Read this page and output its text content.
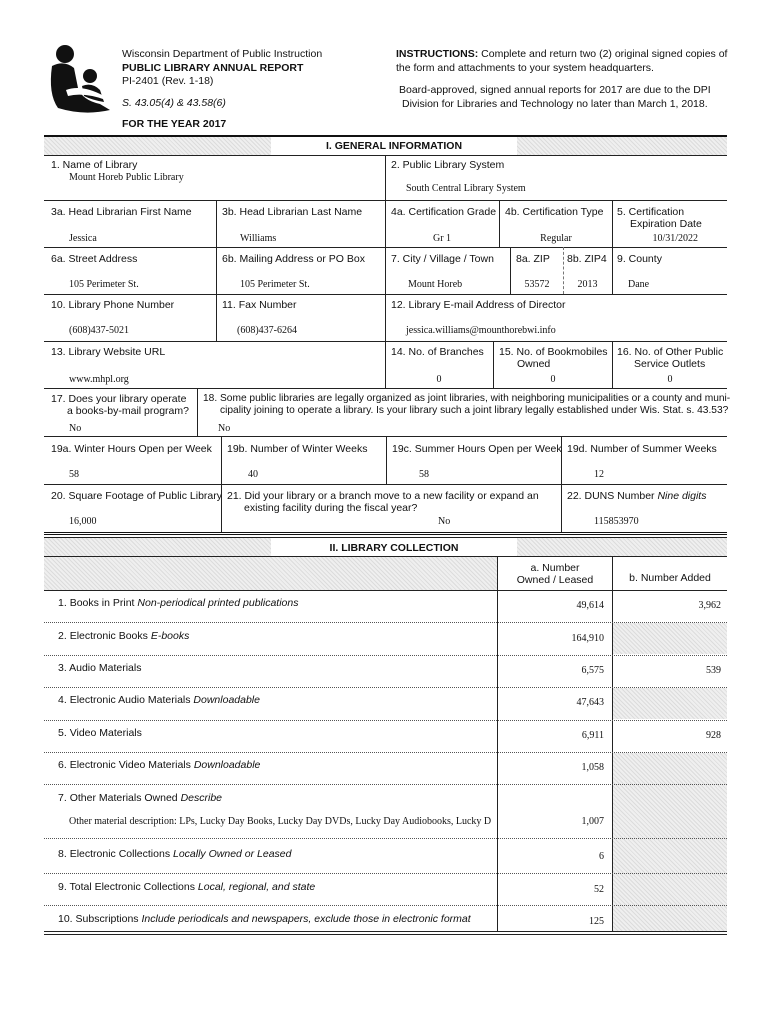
Wisconsin Department of Public Instruction
PUBLIC LIBRARY ANNUAL REPORT
PI-2401 (Rev. 1-18)
S. 43.05(4) & 43.58(6)
FOR THE YEAR 2017
INSTRUCTIONS: Complete and return two (2) original signed copies of
the form and attachments to your system headquarters.
Board-approved, signed annual reports for 2017 are due to the DPI
Division for Libraries and Technology no later than March 1, 2018.
I. GENERAL INFORMATION
1. Name of Library
Mount Horeb Public Library
2. Public Library System
South Central Library System
3a. Head Librarian First Name
Jessica
3b. Head Librarian Last Name
Williams
4a. Certification Grade
Gr 1
4b. Certification Type
Regular
5. Certification
Expiration Date
10/31/2022
6a. Street Address
105 Perimeter St.
6b. Mailing Address or PO Box
105 Perimeter St.
7. City / Village / Town
Mount Horeb
8a. ZIP
53572
8b. ZIP4
2013
9. County
Dane
10. Library Phone Number
(608)437-5021
11. Fax Number
(608)437-6264
12. Library E-mail Address of Director
jessica.williams@mounthorebwi.info
13. Library Website URL
www.mhpl.org
14. No. of Branches
0
15. No. of Bookmobiles
Owned
0
16. No. of Other Public
Service Outlets
0
17. Does your library operate
a books-by-mail program?
No
18. Some public libraries are legally organized as joint libraries, with neighboring municipalities or a county and muni-
cipality joining to operate a library. Is your library such a joint library legally established under Wis. Stat. s. 43.53?
No
19a. Winter Hours Open per Week
58
19b. Number of Winter Weeks
40
19c. Summer Hours Open per Week
58
19d. Number of Summer Weeks
12
20. Square Footage of Public Library
16,000
21. Did your library or a branch move to a new facility or expand an
existing facility during the fiscal year?
No
22. DUNS Number Nine digits
115853970
II. LIBRARY COLLECTION
a. Number
Owned / Leased	b. Number Added
1. Books in Print Non-periodical printed publications	49,614	3,962
2. Electronic Books E-books	164,910
3. Audio Materials	6,575	539
4. Electronic Audio Materials Downloadable	47,643
5. Video Materials	6,911	928
6. Electronic Video Materials Downloadable	1,058
7. Other Materials Owned Describe
Other material description: LPs, Lucky Day Books, Lucky Day DVDs, Lucky Day Audiobooks, Lucky D	1,007
8. Electronic Collections Locally Owned or Leased	6
9. Total Electronic Collections Local, regional, and state	52
10. Subscriptions Include periodicals and newspapers, exclude those in electronic format	125
